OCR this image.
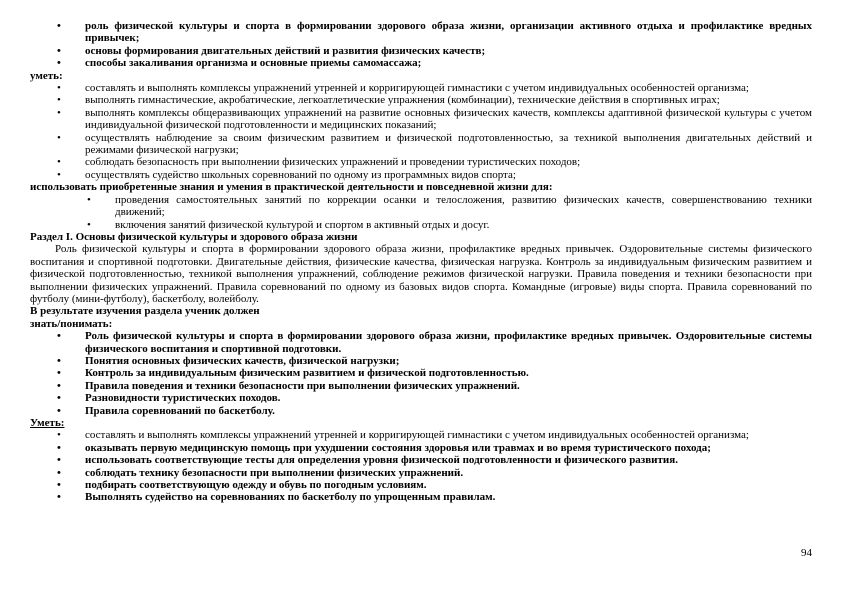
• роль физической культуры и спорта в формировании здорового образа жизни, организации активного отдыха и профилактике вредных привычек;
• основы формирования двигательных действий и развития физических качеств;
• способы закаливания организма и основные приемы самомассажа;

уметь:

• составлять и выполнять комплексы упражнений утренней и корригирующей гимнастики с учетом индивидуальных особенностей организма;
• выполнять гимнастические, акробатические, легкоатлетические упражнения (комбинации), технические действия в спортивных играх;
• выполнять комплексы общеразвивающих упражнений на развитие основных физических качеств, комплексы адаптивной физической культуры с учетом индивидуальной физической подготовленности и медицинских показаний;
• осуществлять наблюдение за своим физическим развитием и физической подготовленностью, за техникой выполнения двигательных действий и режимами физической нагрузки;
• соблюдать безопасность при выполнении физических упражнений и проведении туристических походов;
• осуществлять судейство школьных соревнований по одному из программных видов спорта;

использовать приобретенные знания и умения в практической деятельности и повседневной жизни для:

• проведения самостоятельных занятий по коррекции осанки и телосложения, развитию физических качеств, совершенствованию техники движений;
• включения занятий физической культурой и спортом в активный отдых и досуг.

Раздел I. Основы физической культуры и здорового образа жизни

Роль физической культуры и спорта в формировании здорового образа жизни, профилактике вредных привычек. Оздоровительные системы физического воспитания и спортивной подготовки. Двигательные действия, физические качества, физическая нагрузка. Контроль за индивидуальным физическим развитием и физической подготовленностью, техникой выполнения упражнений, соблюдение режимов физической нагрузки. Правила поведения и техники безопасности при выполнении физических упражнений. Правила соревнований по одному из базовых видов спорта. Командные (игровые) виды спорта. Правила соревнований по футболу (мини-футболу), баскетболу, волейболу.

В результате изучения раздела ученик должен

знать/понимать:

• Роль физической культуры и спорта в формировании здорового образа жизни, профилактике вредных привычек. Оздоровительные системы физического воспитания и спортивной подготовки.
• Понятия основных физических качеств, физической нагрузки;
• Контроль за индивидуальным физическим развитием и физической подготовленностью.
• Правила поведения и техники безопасности при выполнении физических упражнений.
• Разновидности туристических походов.
• Правила соревнований по баскетболу.

Уметь:

• составлять и выполнять комплексы упражнений утренней и корригирующей гимнастики с учетом индивидуальных особенностей организма;
• оказывать первую медицинскую помощь при ухудшении состояния здоровья или травмах и во время туристического похода;
• использовать соответствующие тесты для определения уровня физической подготовленности и физического развития.
• соблюдать технику безопасности при выполнении физических упражнений.
• подбирать соответствующую одежду и обувь по погодным условиям.
• Выполнять судейство на соревнованиях по баскетболу по упрощенным правилам.
94
